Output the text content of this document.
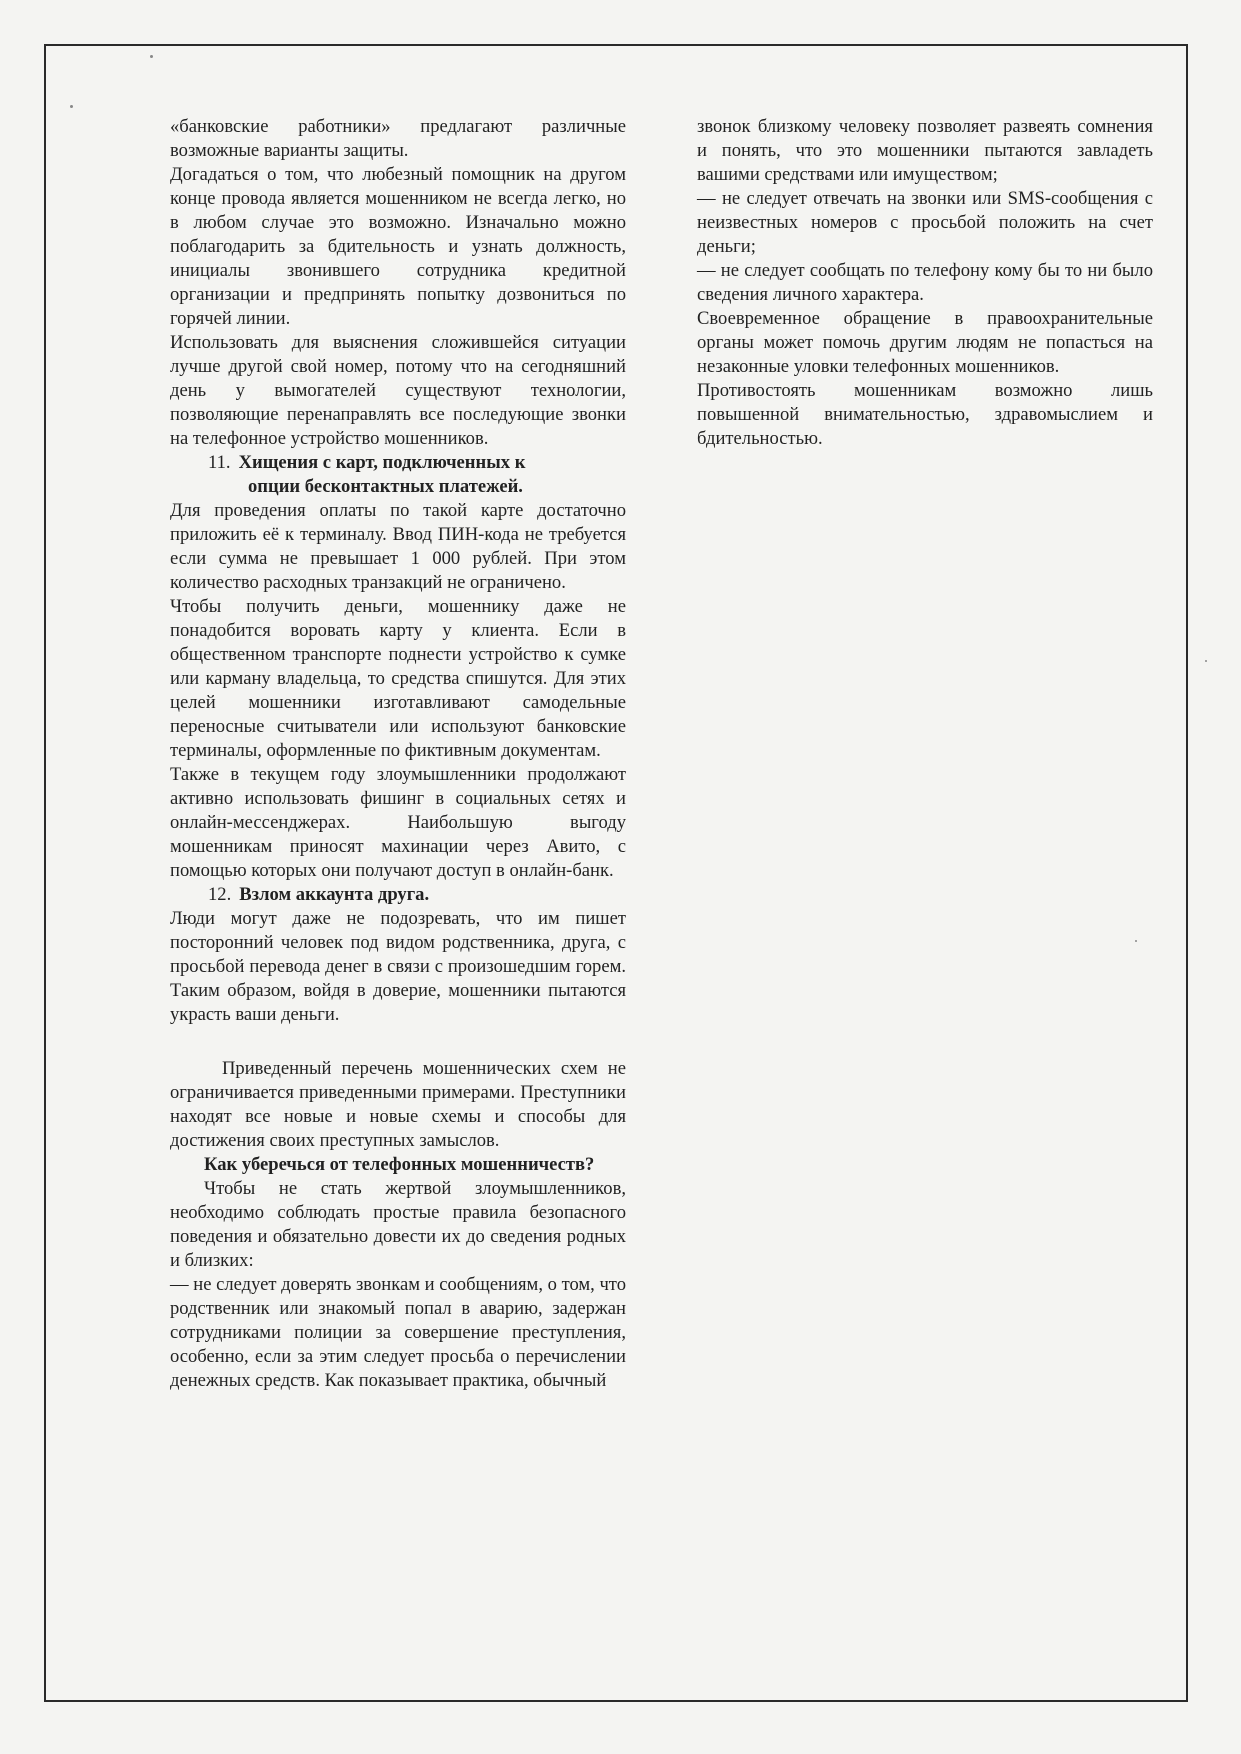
«банковские работники» предлагают различные возможные варианты защиты.

Догадаться о том, что любезный помощник на другом конце провода является мошенником не всегда легко, но в любом случае это возможно. Изначально можно поблагодарить за бдительность и узнать должность, инициалы звонившего сотрудника кредитной организации и предпринять попытку дозвониться по горячей линии.

Использовать для выяснения сложившейся ситуации лучше другой свой номер, потому что на сегодняшний день у вымогателей существуют технологии, позволяющие перенаправлять все последующие звонки на телефонное устройство мошенников.

11. Хищения с карт, подключенных к

опции бесконтактных платежей.

Для проведения оплаты по такой карте достаточно приложить её к терминалу. Ввод ПИН-кода не требуется если сумма не превышает 1 000 рублей. При этом количество расходных транзакций не ограничено.

Чтобы получить деньги, мошеннику даже не понадобится воровать карту у клиента. Если в общественном транспорте поднести устройство к сумке или карману владельца, то средства спишутся. Для этих целей мошенники изготавливают самодельные переносные считыватели или используют банковские терминалы, оформленные по фиктивным документам.

Также в текущем году злоумышленники продолжают активно использовать фишинг в социальных сетях и онлайн-мессенджерах. Наибольшую выгоду мошенникам приносят махинации через Авито, с помощью которых они получают доступ в онлайн-банк.

12. Взлом аккаунта друга.

Люди могут даже не подозревать, что им пишет посторонний человек под видом родственника, друга, с просьбой перевода денег в связи с произошедшим горем. Таким образом, войдя в доверие, мошенники пытаются украсть ваши деньги.

Приведенный перечень мошеннических схем не ограничивается приведенными примерами. Преступники находят все новые и новые схемы и способы для достижения своих преступных замыслов.

Как уберечься от телефонных мошенничеств?

Чтобы не стать жертвой злоумышленников, необходимо соблюдать простые правила безопасного поведения и обязательно довести их до сведения родных и близких:

— не следует доверять звонкам и сообщениям, о том, что родственник или знакомый попал в аварию, задержан сотрудниками полиции за совершение преступления, особенно, если за этим следует просьба о перечислении денежных средств. Как показывает практика, обычный

звонок близкому человеку позволяет развеять сомнения и понять, что это мошенники пытаются завладеть вашими средствами или имуществом;

— не следует отвечать на звонки или SMS-сообщения с неизвестных номеров с просьбой положить на счет деньги;

— не следует сообщать по телефону кому бы то ни было сведения личного характера.

Своевременное обращение в правоохранительные органы может помочь другим людям не попасться на незаконные уловки телефонных мошенников.

Противостоять мошенникам возможно лишь повышенной внимательностью, здравомыслием и бдительностью.
